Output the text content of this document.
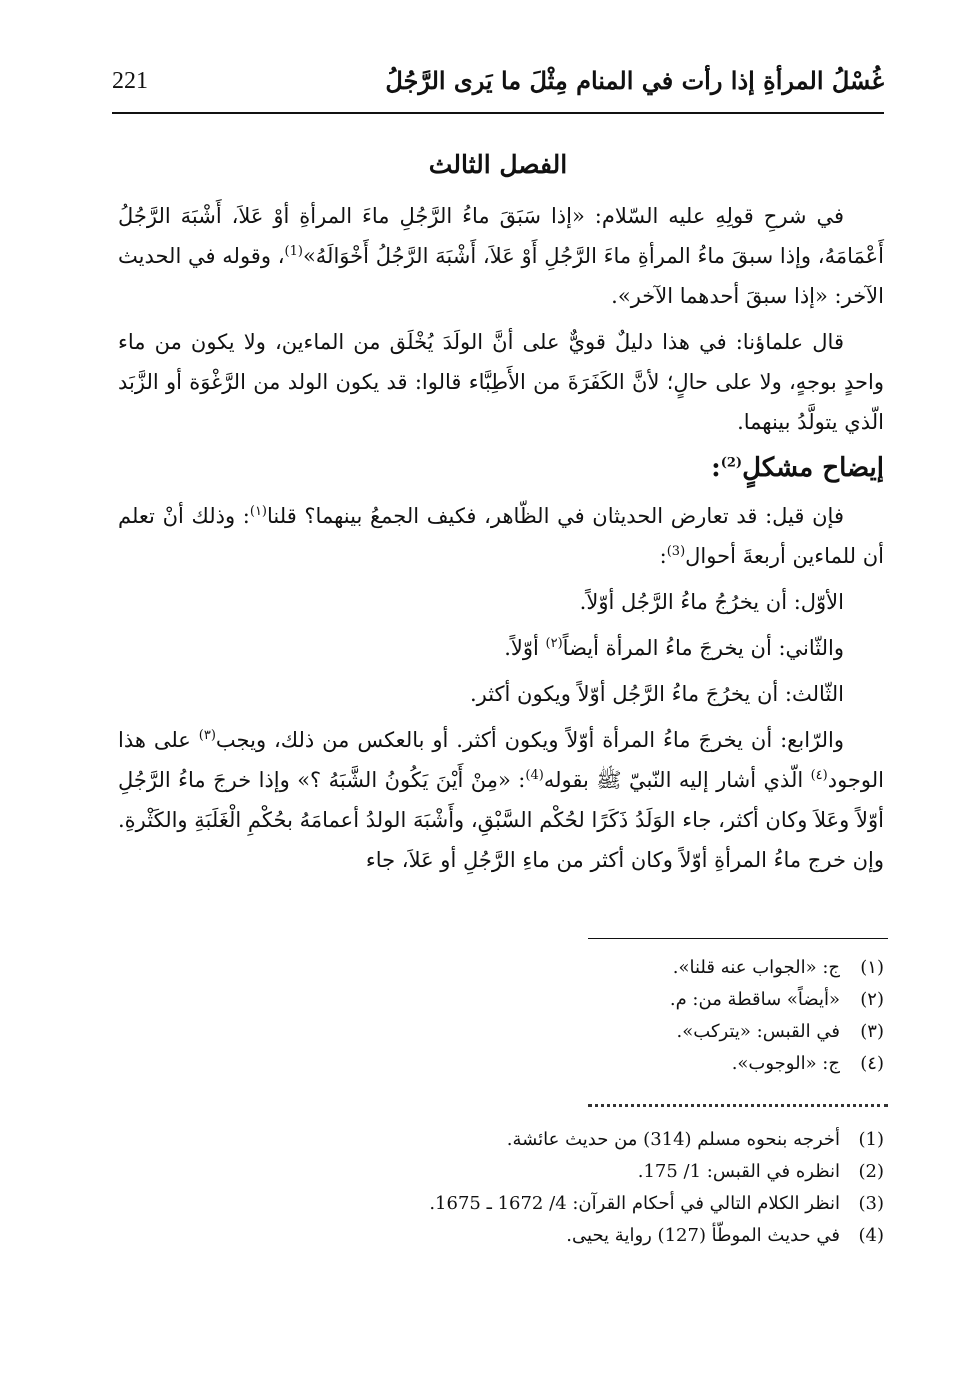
غُسْلُ المرأةِ إذا رأت في المنام مِثْلَ ما يَرى الرَّجُلُ
221
الفصل الثالث

في شرحِ قولِهِ عليه السّلام: «إذا سَبَقَ ماءُ الرَّجُلِ ماءَ المرأةِ أوْ عَلاَ، أَشْبَهَ الرَّجُلُ أَعْمَامَهُ، وإذا سبقَ ماءُ المرأةِ ماءَ الرَّجُلِ أَوْ عَلاَ، أَشْبَهَ الرَّجُلُ أَخْوَالَهُ»$^{(1)}$، وقوله في الحديث الآخر: «إذا سبقَ أحدهما الآخر».

قال علماؤنا: في هذا دليلٌ قويٌّ على أنَّ الولَدَ يُخْلَق من الماءين، ولا يكون من ماء واحدٍ بوجهٍ، ولا على حالٍ؛ لأنَّ الكَفَرَةَ من الأَطِبَّاء قالوا: قد يكون الولد من الرَّغْوَة أو الزَّبَد الّذي يتولَّدُ بينهما.

إيضاح مشكلٍ$^{(2)}$:

فإن قيل: قد تعارض الحديثان في الظّاهر، فكيف الجمعُ بينهما؟ قلنا$^{(١)}$: وذلك أنْ تعلم أن للماءين أربعةَ أحوال$^{(3)}$:

الأوّل: أن يخرُجُ ماءُ الرَّجُل أوّلاً.

والثّاني: أن يخرجَ ماءُ المرأة أيضاً$^{(٢)}$ أوّلاً.

الثّالث: أن يخرُجَ ماءُ الرَّجُل أوّلاً ويكون أكثر.

والرّابع: أن يخرجَ ماءُ المرأة أوّلاً ويكون أكثر. أو بالعكس من ذلك، ويجب$^{(٣)}$ على هذا الوجود$^{(٤)}$ الّذي أشار إليه النّبيّ ﷺ بقوله$^{(4)}$: «مِنْ أَيْنَ يَكُونُ الشَّبَهُ ؟» وإذا خرجَ ماءُ الرَّجُلِ أوّلاً وعَلاَ وكان أكثر، جاء الوَلَدُ ذَكَرًا لحُكْم السَّبْقِ، وأَشْبَهَ الولدُ أعمامَهُ بحُكْمِ الْغَلَبَةِ والكَثْرةِ. وإن خرج ماءُ المرأةِ أوّلاً وكان أكثر من ماءِ الرَّجُلِ أو عَلاَ، جاء

(١)
ج: «الجواب عنه قلنا».
(٢)
«أيضاً» ساقطة من: م.
(٣)
في القبس: «يتركب».
(٤)
ج: «الوجوب».
(1)
أخرجه بنحوه مسلم (314) من حديث عائشة.
(2)
انظره في القبس: 1/ 175.
(3)
انظر الكلام التالي في أحكام القرآن: 4/ 1672 ـ 1675.
(4)
في حديث الموطّأ (127) رواية يحيى.
